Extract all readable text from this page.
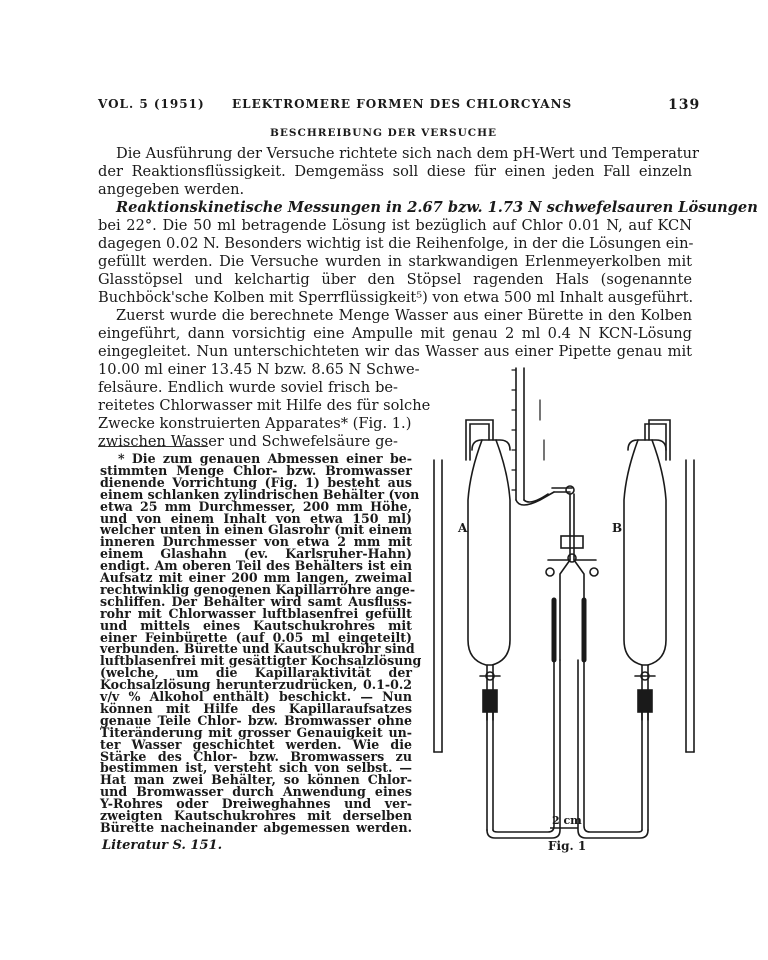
VOL. 5 (1951) ELEKTROMERE FORMEN DES CHLORCYANS	139
BESCHREIBUNG DER VERSUCHE
Die Ausführung der Versuche richtete sich nach dem pH-Wert und Temperatur
der Reaktionsflüssigkeit. Demgemäss soll diese für einen jeden Fall einzeln
angegeben werden.
Reaktionskinetische Messungen in 2.67 bzw. 1.73 N schwefelsauren Lösungen
bei 22°. Die 50 ml betragende Lösung ist bezüglich auf Chlor 0.01 N, auf KCN
dagegen 0.02 N. Besonders wichtig ist die Reihenfolge, in der die Lösungen ein-
gefüllt werden. Die Versuche wurden in starkwandigen Erlenmeyerkolben mit
Glasstöpsel und kelchartig über den Stöpsel ragenden Hals (sogenannte
Buchböck'sche Kolben mit Sperrflüssigkeit⁵) von etwa 500 ml Inhalt ausgeführt.
Zuerst wurde die berechnete Menge Wasser aus einer Bürette in den Kolben
eingeführt, dann vorsichtig eine Ampulle mit genau 2 ml 0.4 N KCN-Lösung
eingegleitet. Nun unterschichteten wir das Wasser aus einer Pipette genau mit
10.00 ml einer 13.45 N bzw. 8.65 N Schwe-
felsäure. Endlich wurde soviel frisch be-
reitetes Chlorwasser mit Hilfe des für solche
Zwecke konstruierten Apparates* (Fig. 1.)
zwischen Wasser und Schwefelsäure ge-
* Die zum genauen Abmessen einer be-
stimmten Menge Chlor- bzw. Bromwasser
dienende Vorrichtung (Fig. 1) besteht aus
einem schlanken zylindrischen Behälter (von
etwa 25 mm Durchmesser, 200 mm Höhe,
und von einem Inhalt von etwa 150 ml)
welcher unten in einen Glasrohr (mit einem
inneren Durchmesser von etwa 2 mm mit
einem Glashahn (ev. Karlsruher-Hahn)
endigt. Am oberen Teil des Behälters ist ein
Aufsatz mit einer 200 mm langen, zweimal
rechtwinklig genogenen Kapillarröhre ange-
schliffen. Der Behälter wird samt Ausfluss-
rohr mit Chlorwasser luftblasenfrei gefüllt
und mittels eines Kautschukrohres mit
einer Feinbürette (auf 0.05 ml eingeteilt)
verbunden. Bürette und Kautschukrohr sind
luftblasenfrei mit gesättigter Kochsalzlösung
(welche, um die Kapillaraktivität der
Kochsalzlösung herunterzudrücken, 0.1-0.2
v/v % Alkohol enthält) beschickt. — Nun
können mit Hilfe des Kapillaraufsatzes
genaue Teile Chlor- bzw. Bromwasser ohne
Titeränderung mit grosser Genauigkeit un-
ter Wasser geschichtet werden. Wie die
Stärke des Chlor- bzw. Bromwassers zu
bestimmen ist, versteht sich von selbst. —
Hat man zwei Behälter, so können Chlor-
und Bromwasser durch Anwendung eines
Y-Rohres oder Dreiweghahnes und ver-
zweigten Kautschukrohres mit derselben
Bürette nacheinander abgemessen werden.
Literatur S. 151.
A	B
2 cm
Fig. 1
